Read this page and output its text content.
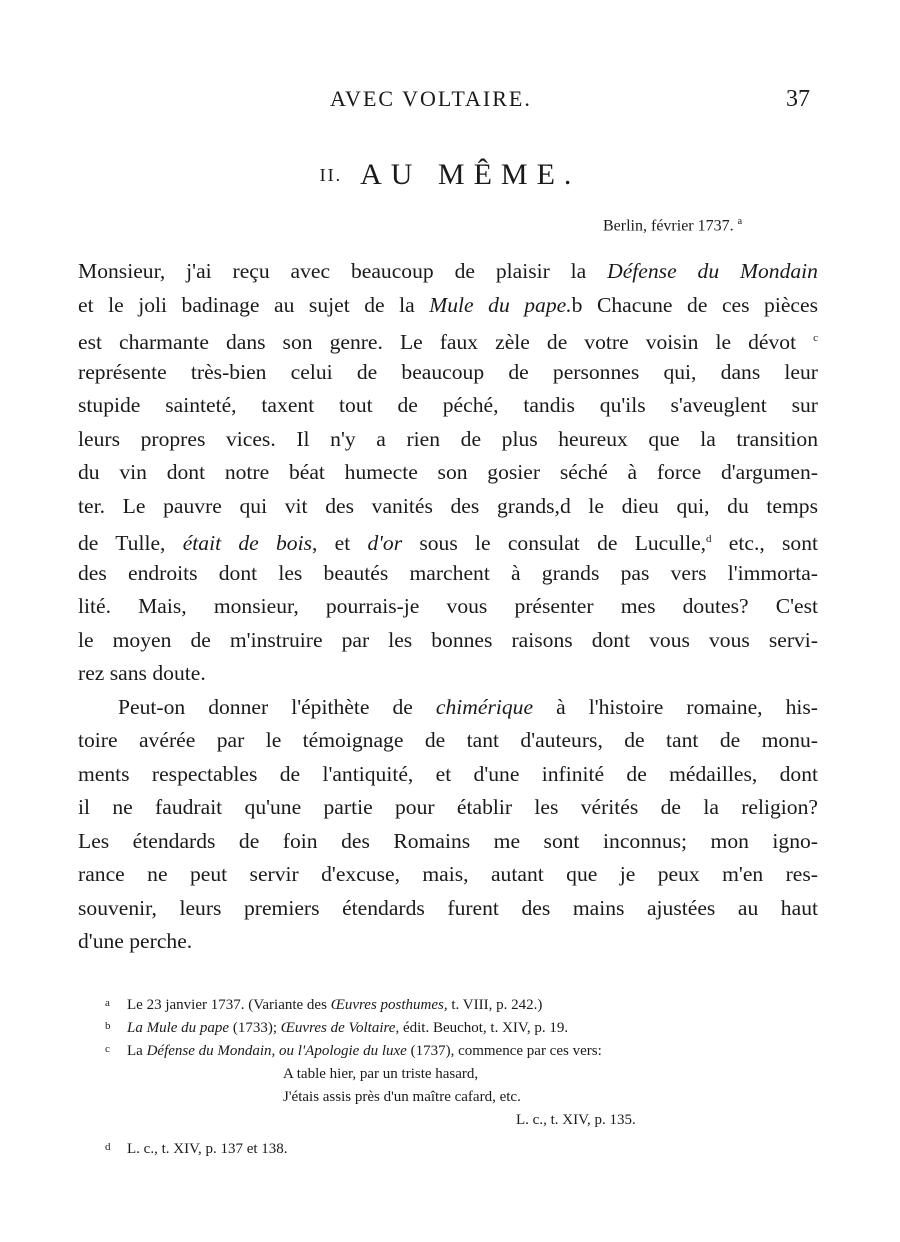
AVEC VOLTAIRE.	37
II. AU MÊME.
Berlin, février 1737. $^a$
Monsieur, j'ai reçu avec beaucoup de plaisir la Défense du Mondain
et le joli badinage au sujet de la Mule du pape.b Chacune de ces pièces
est charmante dans son genre. Le faux zèle de votre voisin le dévot $^c$
représente très-bien celui de beaucoup de personnes qui, dans leur
stupide sainteté, taxent tout de péché, tandis qu'ils s'aveuglent sur
leurs propres vices. Il n'y a rien de plus heureux que la transition
du vin dont notre béat humecte son gosier séché à force d'argumen-
ter. Le pauvre qui vit des vanités des grands,d le dieu qui, du temps
de Tulle, était de bois, et d'or sous le consulat de Luculle,$^d$ etc., sont
des endroits dont les beautés marchent à grands pas vers l'immorta-
lité. Mais, monsieur, pourrais-je vous présenter mes doutes? C'est
le moyen de m'instruire par les bonnes raisons dont vous vous servi-
rez sans doute.
Peut-on donner l'épithète de chimérique à l'histoire romaine, his-
toire avérée par le témoignage de tant d'auteurs, de tant de monu-
ments respectables de l'antiquité, et d'une infinité de médailles, dont
il ne faudrait qu'une partie pour établir les vérités de la religion?
Les étendards de foin des Romains me sont inconnus; mon igno-
rance ne peut servir d'excuse, mais, autant que je peux m'en res-
souvenir, leurs premiers étendards furent des mains ajustées au haut
d'une perche.
a Le 23 janvier 1737. (Variante des Œuvres posthumes, t. VIII, p. 242.)
b La Mule du pape (1733); Œuvres de Voltaire, édit. Beuchot, t. XIV, p. 19.
c La Défense du Mondain, ou l'Apologie du luxe (1737), commence par ces vers:
A table hier, par un triste hasard,
J'étais assis près d'un maître cafard, etc.
L. c., t. XIV, p. 135.
d L. c., t. XIV, p. 137 et 138.
